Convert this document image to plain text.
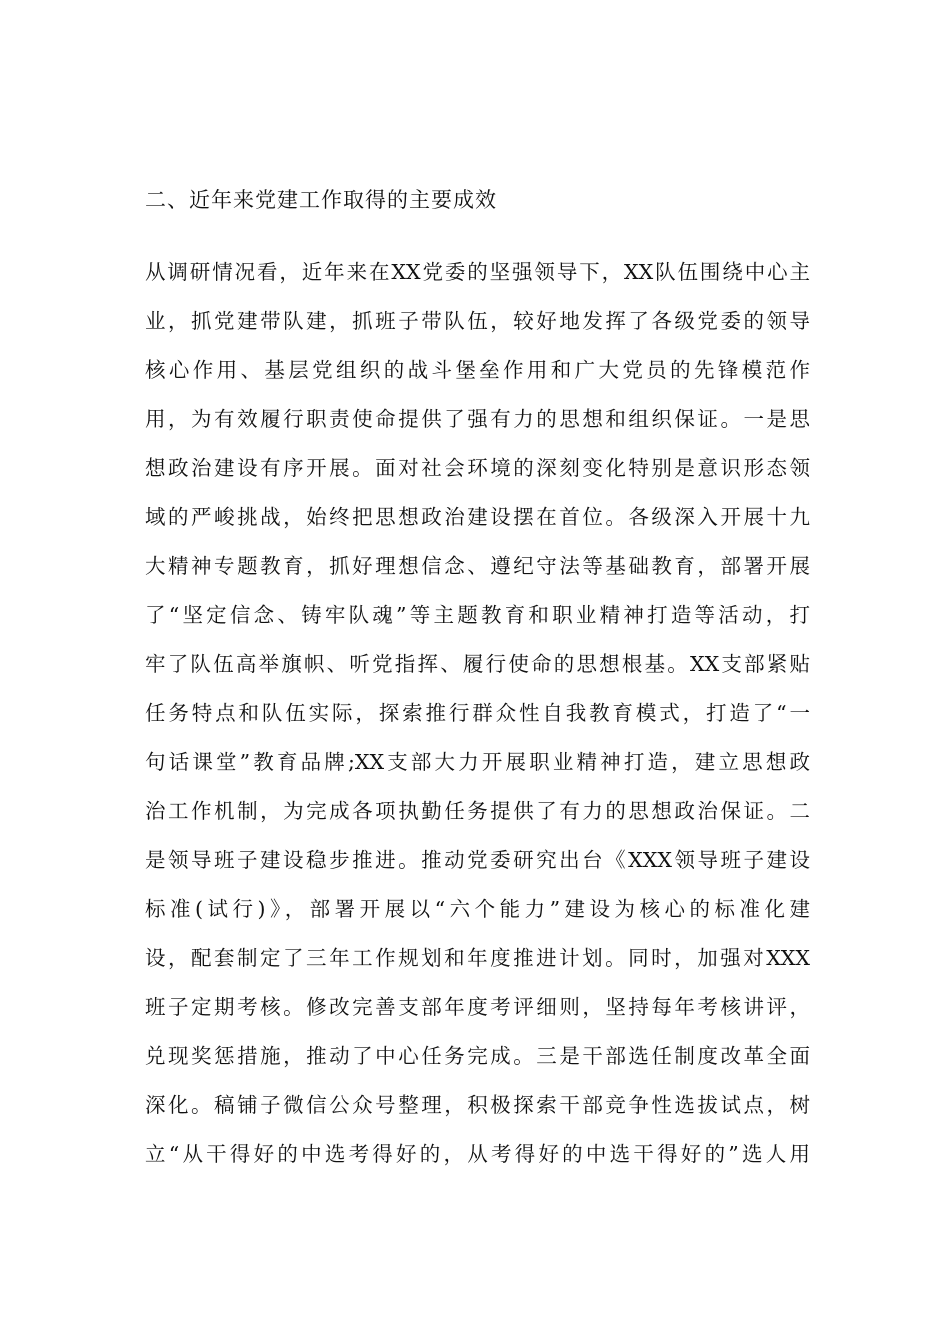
二、近年来党建工作取得的主要成效
从调研情况看，近年来在XX党委的坚强领导下，XX队伍围绕中心主
业，抓党建带队建，抓班子带队伍，较好地发挥了各级党委的领导
核心作用、基层党组织的战斗堡垒作用和广大党员的先锋模范作
用，为有效履行职责使命提供了强有力的思想和组织保证。一是思
想政治建设有序开展。面对社会环境的深刻变化特别是意识形态领
域的严峻挑战，始终把思想政治建设摆在首位。各级深入开展十九
大精神专题教育，抓好理想信念、遵纪守法等基础教育，部署开展
了“坚定信念、铸牢队魂”等主题教育和职业精神打造等活动，打
牢了队伍高举旗帜、听党指挥、履行使命的思想根基。XX支部紧贴
任务特点和队伍实际，探索推行群众性自我教育模式，打造了“一
句话课堂”教育品牌;XX支部大力开展职业精神打造，建立思想政
治工作机制，为完成各项执勤任务提供了有力的思想政治保证。二
是领导班子建设稳步推进。推动党委研究出台《XXX领导班子建设
标准(试行)》，部署开展以“六个能力”建设为核心的标准化建
设，配套制定了三年工作规划和年度推进计划。同时，加强对XXX
班子定期考核。修改完善支部年度考评细则，坚持每年考核讲评，
兑现奖惩措施，推动了中心任务完成。三是干部选任制度改革全面
深化。稿铺子微信公众号整理，积极探索干部竞争性选拔试点，树
立“从干得好的中选考得好的，从考得好的中选干得好的”选人用
